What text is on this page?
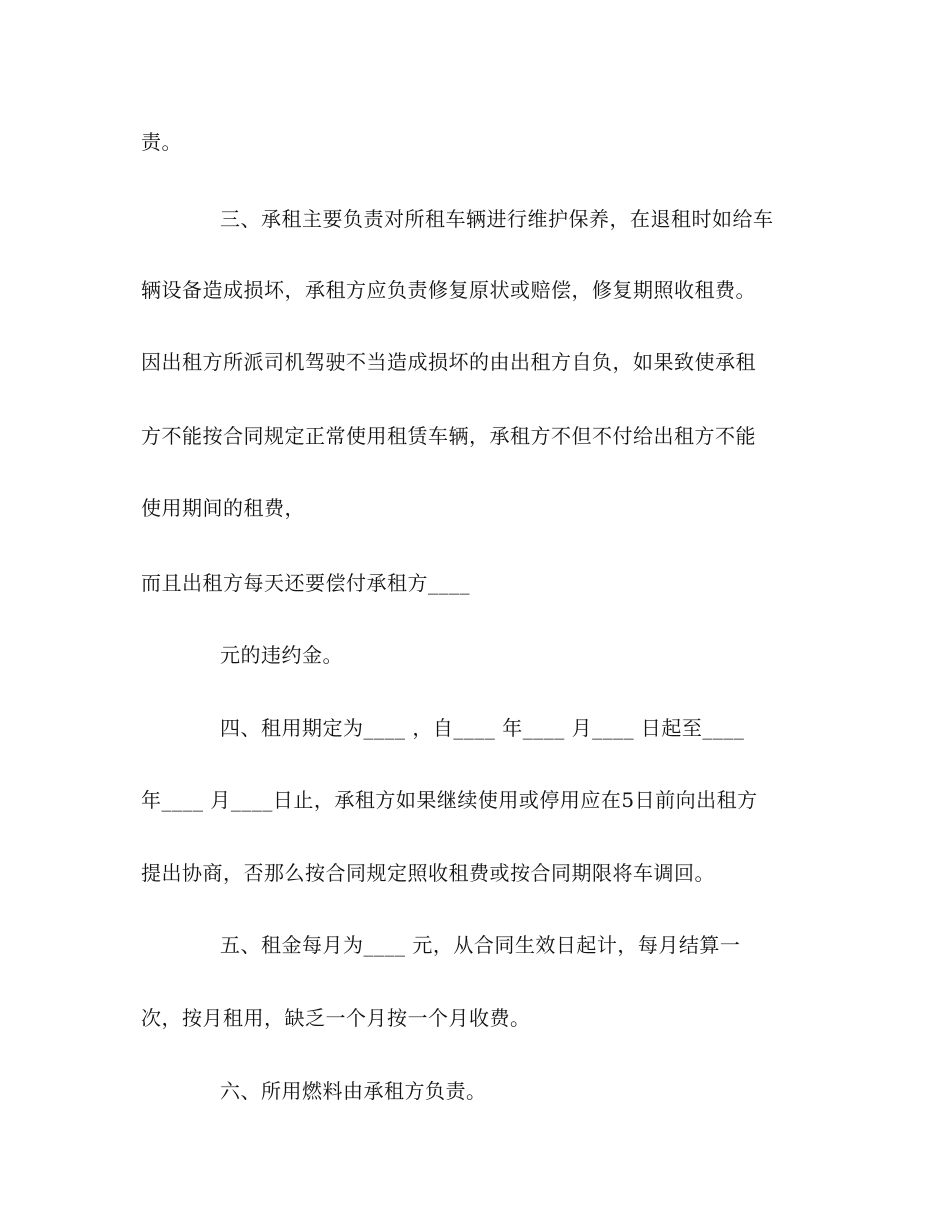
责。
三、承租主要负责对所租车辆进行维护保养，在退租时如给车
辆设备造成损坏，承租方应负责修复原状或赔偿，修复期照收租费。
因出租方所派司机驾驶不当造成损坏的由出租方自负，如果致使承租
方不能按合同规定正常使用租赁车辆，承租方不但不付给出租方不能
使用期间的租费，
而且出租方每天还要偿付承租方____
元的违约金。
四、租用期定为____ ，自____ 年____ 月____ 日起至____
年____ 月____日止，承租方如果继续使用或停用应在5日前向出租方
提出协商，否那么按合同规定照收租费或按合同期限将车调回。
五、租金每月为____ 元，从合同生效日起计，每月结算一
次，按月租用，缺乏一个月按一个月收费。
六、所用燃料由承租方负责。
